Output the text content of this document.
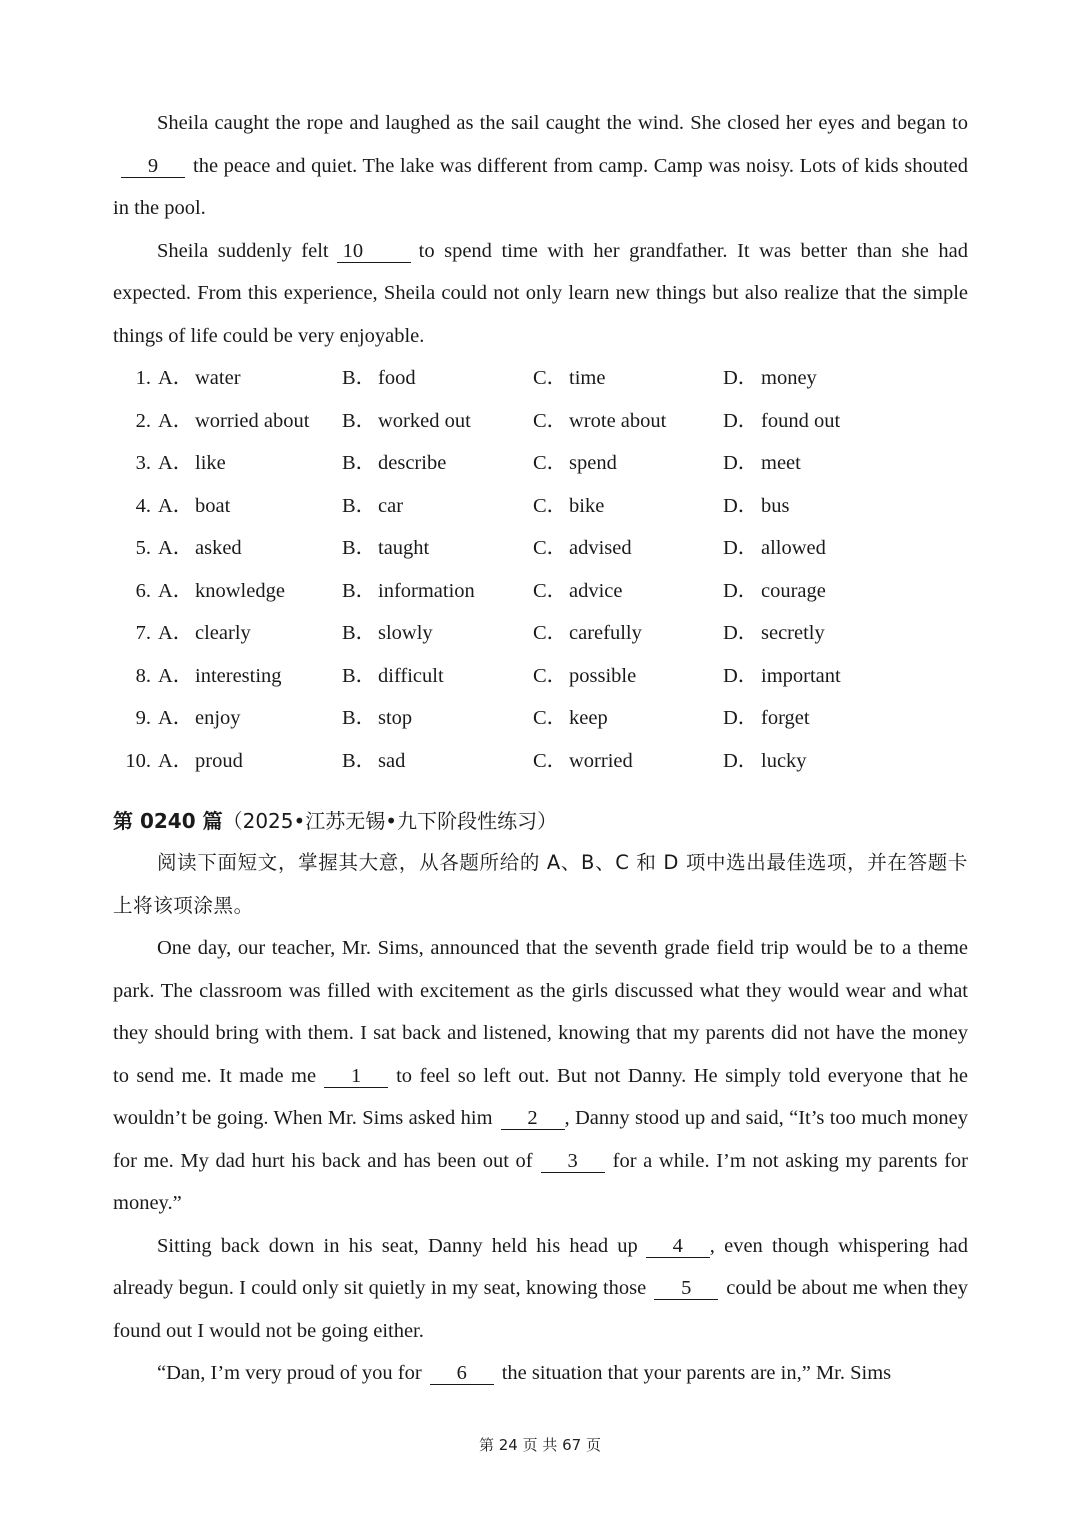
Sheila caught the rope and laughed as the sail caught the wind. She closed her eyes and began to9 the peace and quiet. The lake was different from camp. Camp was noisy. Lots of kids shouted in the pool.

Sheila suddenly felt 10	to spend time with her grandfather. It was better than she had expected. From this experience, Sheila could not only learn new things but also realize that the simple things of life could be very enjoyable.

1. A． water	B． food	C． time	D． money
2. A． worried about B． worked out	C． wrote about	D． found out
3. A． like	B． describe	C． spend	D． meet
4. A． boat	B． car	C． bike	D． bus
5. A． asked	B． taught	C． advised	D． allowed
6. A． knowledge	B． information	C． advice	D． courage
7. A． clearly	B． slowly	C． carefully	D． secretly
8. A． interesting	B． difficult	C． possible	D． important
9. A． enjoy	B． stop	C． keep	D． forget
10. A． proud	B． sad	C． worried	D． lucky
第 0240 篇（2025•江苏无锡•九下阶段性练习）

阅读下面短文，掌握其大意，从各题所给的 A、B、C 和 D 项中选出最佳选项，并在答题卡上将该项涂黑。

One day, our teacher, Mr. Sims, announced that the seventh grade field trip would be to a theme park. The classroom was filled with excitement as the girls discussed what they would wear and what they should bring with them. I sat back and listened, knowing that my parents did not have the money to send me. It made me 1 to feel so left out. But not Danny. He simply told everyone that he wouldn’t be going. When Mr. Sims asked him 2 , Danny stood up and said, “It’s too much money for me. My dad hurt his back and has been out of 3 for a while. I’m not asking my parents for money.”

Sitting back down in his seat, Danny held his head up 4 , even though whispering had already begun. I could only sit quietly in my seat, knowing those 5 could be about me when they found out I would not be going either.

“Dan, I’m very proud of you for 6 the situation that your parents are in,” Mr. Sims

第 24 页 共 67 页
